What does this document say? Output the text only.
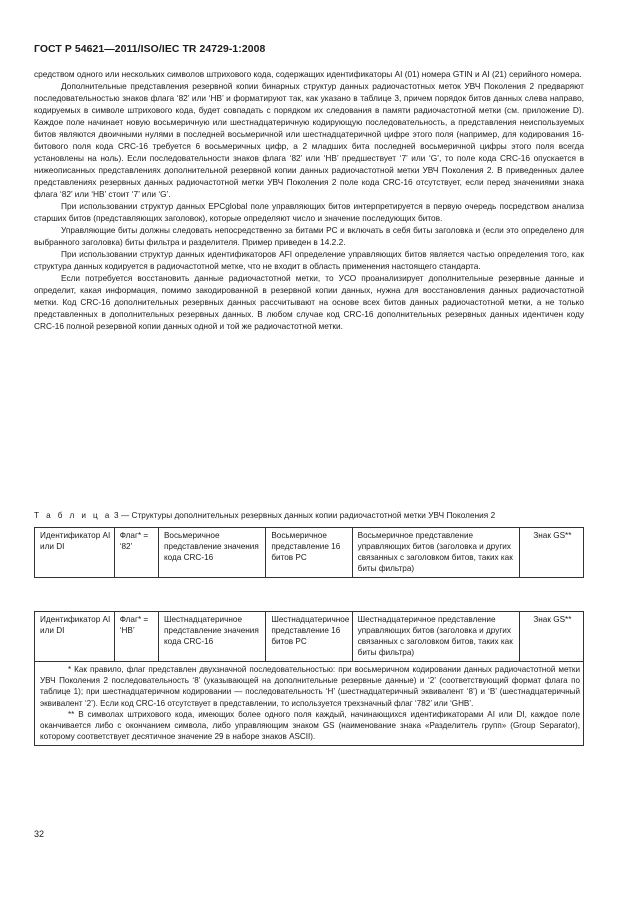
ГОСТ Р 54621—2011/ISO/IEC TR 24729-1:2008

средством одного или нескольких символов штрихового кода, содержащих идентификаторы AI (01) номера GTIN и AI (21) серийного номера.

Дополнительные представления резервной копии бинарных структур данных радиочастотных меток УВЧ Поколения 2 предваряют последовательностью знаков флага ‘82’ или ‘HB’ и форматируют так, как указано в таблице 3, причем порядок битов данных слева направо, кодируемых в символе штрихового кода, будет совпадать с порядком их следования в памяти радиочастотной метки (см. приложение D). Каждое поле начинает новую восьмеричную или шестнадцатеричную кодирующую последовательность, а представления неиспользуемых битов являются двоичными нулями в последней восьмеричной или шестнадцатеричной цифре этого поля (например, для кодирования 16-битового поля кода CRC-16 требуется 6 восьмеричных цифр, а 2 младших бита последней восьмеричной цифры этого поля всегда установлены на ноль). Если последовательности знаков флага ‘82’ или ‘HB’ предшествует ‘7’ или ‘G’, то поле кода CRC-16 опускается в нижеописанных представлениях дополнительной резервной копии данных радиочастотной метки УВЧ Поколения 2. В приведенных далее представлениях резервных данных радиочастотной метки УВЧ Поколения 2 поле кода CRC-16 отсутствует, если перед значениями знака флага ‘82’ или ‘HB’ стоит ‘7’ или ‘G’.

При использовании структур данных EPCglobal поле управляющих битов интерпретируется в первую очередь посредством анализа старших битов (представляющих заголовок), которые определяют число и значение последующих битов.

Управляющие биты должны следовать непосредственно за битами PC и включать в себя биты заголовка и (если это определено для выбранного заголовка) биты фильтра и разделителя. Пример приведен в 14.2.2.

При использовании структур данных идентификаторов AFI определение управляющих битов является частью определения того, как структура данных кодируется в радиочастотной метке, что не входит в область применения настоящего стандарта.

Если потребуется восстановить данные радиочастотной метки, то УСО проанализирует дополнительные резервные данные и определит, какая информация, помимо закодированной в резервной копии данных, нужна для восстановления данных радиочастотной метки. Код CRC-16 дополнительных резервных данных рассчитывают на основе всех битов данных радиочастотной метки, а не только представленных в дополнительных резервных данных. В любом случае код CRC-16 дополнительных резервных данных идентичен коду CRC-16 полной резервной копии данных одной и той же радиочастотной метки.

Т а б л и ц а 3 — Структуры дополнительных резервных данных копии радиочастотной метки УВЧ Поколения 2
Идентификатор AI или DI	Флаг* = ‘82’	Восьмеричное представление значения кода CRC-16	Восьмеричное представление 16 битов PC	Восьмеричное представление управляющих битов (заголовка и других связанных с заголовком битов, таких как биты фильтра)	Знак GS**
Идентификатор AI или DI	Флаг* = ‘HB’	Шестнадцатеричное представление значения кода CRC-16	Шестнадцатеричное представление 16 битов PC	Шестнадцатеричное представление управляющих битов (заголовка и других связанных с заголовком битов, таких как биты фильтра)	Знак GS**

* Как правило, флаг представлен двухзначной последовательностью: при восьмеричном кодировании данных радиочастотной метки УВЧ Поколения 2 последовательность ‘8’ (указывающей на дополнительные резервные данные) и ‘2’ (соответствующий формат флага по таблице 1); при шестнадцатеричном кодировании — последовательность ‘H’ (шестнадцатеричный эквивалент ‘8’) и ‘B’ (шестнадцатеричный эквивалент ‘2’). Если код CRC-16 отсутствует в представлении, то используется трехзначный флаг ‘782’ или ‘GHB’.

** В символах штрихового кода, имеющих более одного поля каждый, начинающихся идентификаторами AI или DI, каждое поле оканчивается либо с окончанием символа, либо управляющим знаком GS (наименование знака «Разделитель групп» (Group Separator), которому соответствует десятичное значение 29 в наборе знаков ASCII).

32
